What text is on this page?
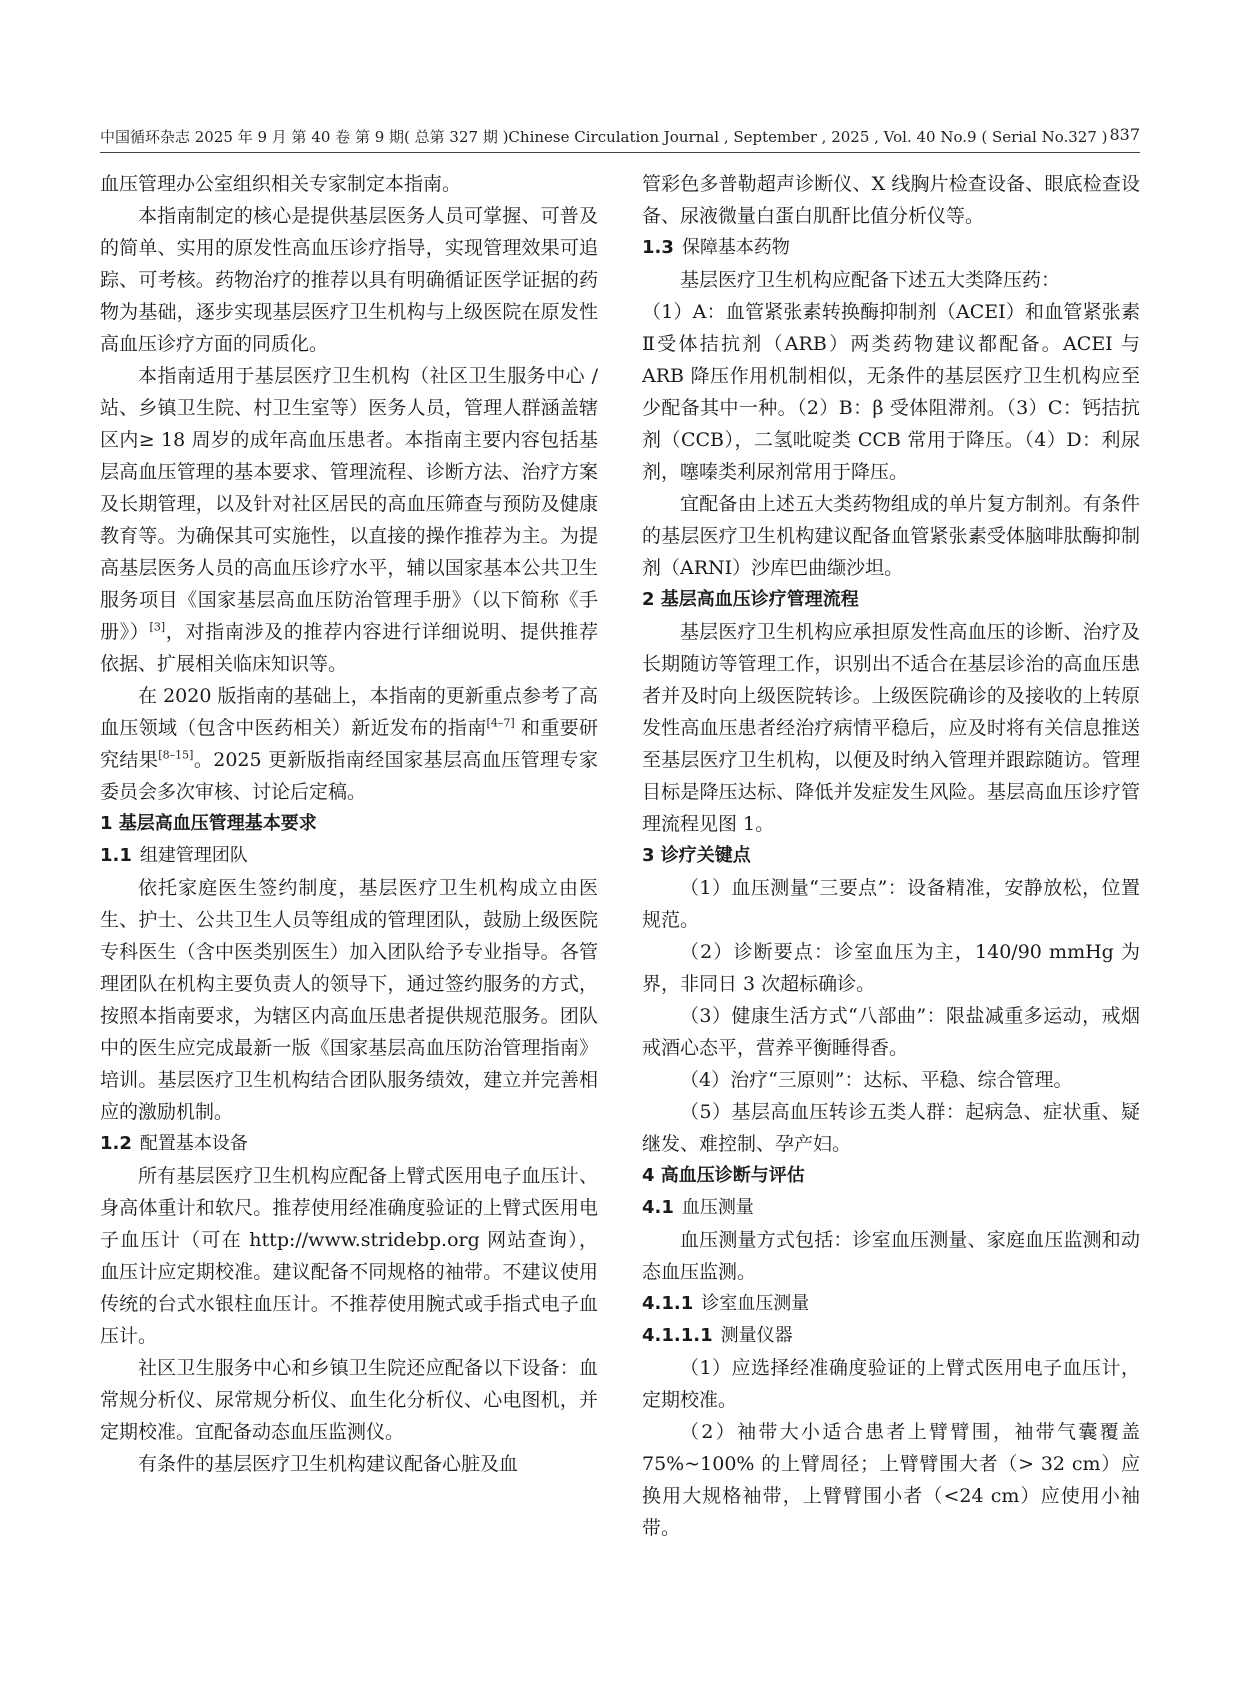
中国循环杂志 2025 年 9 月 第 40 卷 第 9 期( 总第 327 期 )Chinese Circulation Journal , September , 2025 , Vol. 40 No.9 ( Serial No.327 ) 837

血压管理办公室组织相关专家制定本指南。

本指南制定的核心是提供基层医务人员可掌握、可普及的简单、实用的原发性高血压诊疗指导，实现管理效果可追踪、可考核。药物治疗的推荐以具有明确循证医学证据的药物为基础，逐步实现基层医疗卫生机构与上级医院在原发性高血压诊疗方面的同质化。

本指南适用于基层医疗卫生机构（社区卫生服务中心 / 站、乡镇卫生院、村卫生室等）医务人员，管理人群涵盖辖区内≥ 18 周岁的成年高血压患者。本指南主要内容包括基层高血压管理的基本要求、管理流程、诊断方法、治疗方案及长期管理，以及针对社区居民的高血压筛查与预防及健康教育等。为确保其可实施性，以直接的操作推荐为主。为提高基层医务人员的高血压诊疗水平，辅以国家基本公共卫生服务项目《国家基层高血压防治管理手册》（以下简称《手册》）[3]，对指南涉及的推荐内容进行详细说明、提供推荐依据、扩展相关临床知识等。

在 2020 版指南的基础上，本指南的更新重点参考了高血压领域（包含中医药相关）新近发布的指南[4–7] 和重要研究结果[8–15]。2025 更新版指南经国家基层高血压管理专家委员会多次审核、讨论后定稿。

1 基层高血压管理基本要求
1.1 组建管理团队

依托家庭医生签约制度，基层医疗卫生机构成立由医生、护士、公共卫生人员等组成的管理团队，鼓励上级医院专科医生（含中医类别医生）加入团队给予专业指导。各管理团队在机构主要负责人的领导下，通过签约服务的方式，按照本指南要求，为辖区内高血压患者提供规范服务。团队中的医生应完成最新一版《国家基层高血压防治管理指南》培训。基层医疗卫生机构结合团队服务绩效，建立并完善相应的激励机制。

1.2 配置基本设备

所有基层医疗卫生机构应配备上臂式医用电子血压计、身高体重计和软尺。推荐使用经准确度验证的上臂式医用电子血压计（可在 http://www.stridebp.org 网站查询），血压计应定期校准。建议配备不同规格的袖带。不建议使用传统的台式水银柱血压计。不推荐使用腕式或手指式电子血压计。

社区卫生服务中心和乡镇卫生院还应配备以下设备：血常规分析仪、尿常规分析仪、血生化分析仪、心电图机，并定期校准。宜配备动态血压监测仪。

有条件的基层医疗卫生机构建议配备心脏及血

管彩色多普勒超声诊断仪、X 线胸片检查设备、眼底检查设备、尿液微量白蛋白肌酐比值分析仪等。

1.3 保障基本药物

基层医疗卫生机构应配备下述五大类降压药：

（1）A：血管紧张素转换酶抑制剂（ACEI）和血管紧张素Ⅱ受体拮抗剂（ARB）两类药物建议都配备。ACEI 与 ARB 降压作用机制相似，无条件的基层医疗卫生机构应至少配备其中一种。（2）B：β 受体阻滞剂。（3）C：钙拮抗剂（CCB），二氢吡啶类 CCB 常用于降压。（4）D：利尿剂，噻嗪类利尿剂常用于降压。

宜配备由上述五大类药物组成的单片复方制剂。有条件的基层医疗卫生机构建议配备血管紧张素受体脑啡肽酶抑制剂（ARNI）沙库巴曲缬沙坦。

2 基层高血压诊疗管理流程

基层医疗卫生机构应承担原发性高血压的诊断、治疗及长期随访等管理工作，识别出不适合在基层诊治的高血压患者并及时向上级医院转诊。上级医院确诊的及接收的上转原发性高血压患者经治疗病情平稳后，应及时将有关信息推送至基层医疗卫生机构，以便及时纳入管理并跟踪随访。管理目标是降压达标、降低并发症发生风险。基层高血压诊疗管理流程见图 1。

3 诊疗关键点

（1）血压测量“三要点”：设备精准，安静放松，位置规范。

（2）诊断要点：诊室血压为主，140/90 mmHg 为界，非同日 3 次超标确诊。

（3）健康生活方式“八部曲”：限盐减重多运动，戒烟戒酒心态平，营养平衡睡得香。

（4）治疗“三原则”：达标、平稳、综合管理。

（5）基层高血压转诊五类人群：起病急、症状重、疑继发、难控制、孕产妇。

4 高血压诊断与评估
4.1 血压测量

血压测量方式包括：诊室血压测量、家庭血压监测和动态血压监测。

4.1.1 诊室血压测量
4.1.1.1 测量仪器

（1）应选择经准确度验证的上臂式医用电子血压计，定期校准。

（2）袖带大小适合患者上臂臂围，袖带气囊覆盖 75%~100% 的上臂周径；上臂臂围大者（> 32 cm）应换用大规格袖带，上臂臂围小者（<24 cm）应使用小袖带。
